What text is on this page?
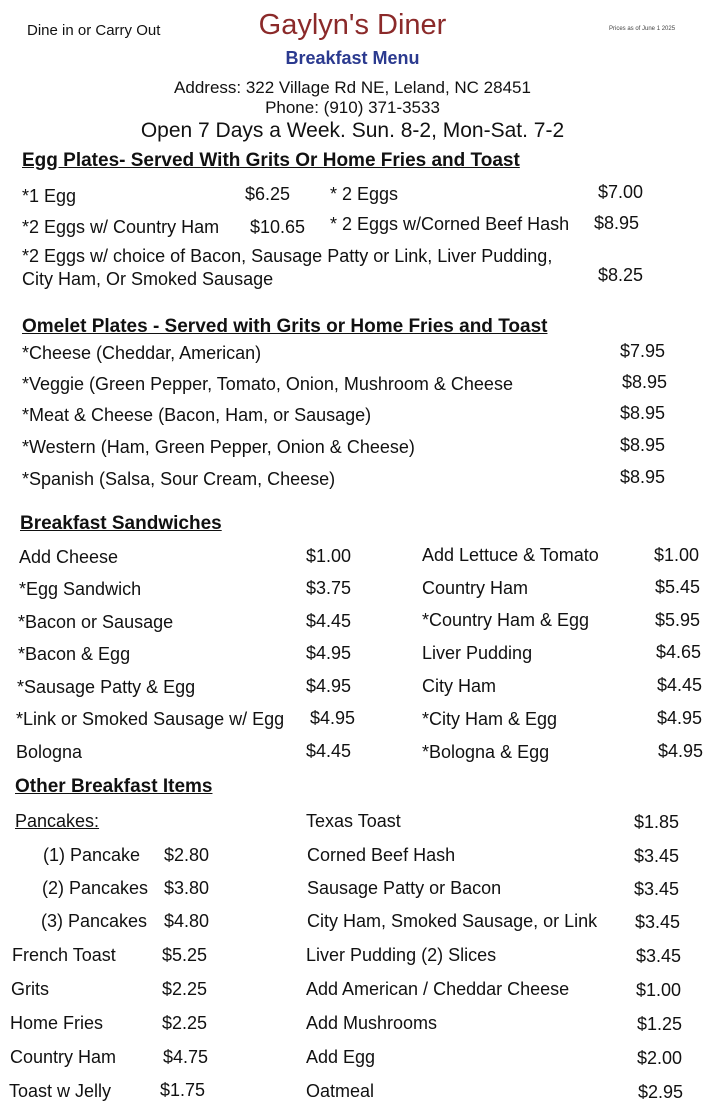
Dine in or Carry Out	Gaylyn's Diner	Prices as of June 1 2025
Breakfast Menu
Address: 322 Village Rd NE, Leland, NC 28451
Phone: (910) 371-3533
Open 7 Days a Week. Sun. 8-2, Mon-Sat. 7-2
Egg Plates- Served With Grits Or Home Fries and Toast
*1 Egg	$6.25 * 2 Eggs	$7.00
*2 Eggs w/ Country Ham $10.65 * 2 Eggs w/Corned Beef Hash $8.95
*2 Eggs w/ choice of Bacon, Sausage Patty or Link, Liver Pudding,
City Ham, Or Smoked Sausage	$8.25
Omelet Plates - Served with Grits or Home Fries and Toast
*Cheese (Cheddar, American)	$7.95
*Veggie (Green Pepper, Tomato, Onion, Mushroom & Cheese	$8.95
*Meat & Cheese (Bacon, Ham, or Sausage)	$8.95
*Western (Ham, Green Pepper, Onion & Cheese)	$8.95
*Spanish (Salsa, Sour Cream, Cheese)	$8.95
Breakfast Sandwiches
Add Cheese	$1.00
*Egg Sandwich	$3.75
*Bacon or Sausage	$4.45
*Bacon & Egg	$4.95
*Sausage Patty & Egg	$4.95
*Link or Smoked Sausage w/ Egg $4.95
Bologna	$4.45
Add Lettuce & Tomato	$1.00
Country Ham	$5.45
*Country Ham & Egg	$5.95
Liver Pudding	$4.65
City Ham	$4.45
*City Ham & Egg	$4.95
*Bologna & Egg	$4.95
Other Breakfast Items
Pancakes:
(1) Pancake $2.80
(2) Pancakes $3.80
(3) Pancakes $4.80
French Toast	$5.25
Grits	$2.25
Home Fries	$2.25
Country Ham	$4.75
Toast w Jelly	$1.75
Texas Toast	$1.85
Corned Beef Hash	$3.45
Sausage Patty or Bacon	$3.45
City Ham, Smoked Sausage, or Link $3.45
Liver Pudding (2) Slices	$3.45
Add American / Cheddar Cheese	$1.00
Add Mushrooms	$1.25
Add Egg	$2.00
Oatmeal	$2.95
